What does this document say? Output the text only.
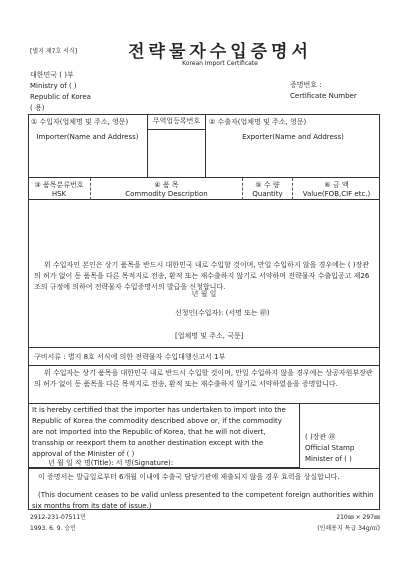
[별지 제7호 서식]	전략물자수입증명서
Korean Import Certificate
대한민국 ( )부
Ministry of ( )
Republic of Korea
( 용)
증명번호 :
Certificate Number
① 수입자(업체명 및 주소, 영문)
Importer(Name and Address)
무역업등록번호	② 수출자(업체명 및 주소, 영문)
Exporter(Name and Address)
③ 품목분류번호
HSK
④ 품 목
Commodity Description
⑤ 수 량
Quantity
⑥ 금 액
Value(FOB,CIF etc.)
위 수입자인 본인은 상기 품목을 반드시 대한민국 내로 수입할 것이며, 만일 수입하지 않을 경우에는 ( )장관의 허가 없이 동 품목을 다른 목적지로 전송, 환적 또는 재수출하지 않기로 서약하며 전략물자 수출입공고 제26조의 규정에 의하여 전략물자 수입증명서의 발급을 신청합니다.
년 월 일
신청인(수입자): (서명 또는 ㊞)
[업체명 및 주소, 국문]
구비서류 : 별지 8호 서식에 의한 전략물자 수입대행신고서 1부
위 수입자는 상기 품목을 대한민국 내로 반드시 수입할 것이며, 만일 수입하지 않을 경우에는 상공자원부장관의 허가 없이 동 품목을 다른 목적지로 전송, 환적 또는 재수출하지 않기로 서약하였음을 증명합니다.
It is hereby certified that the importer has undertaken to import into the Republic of Korea the commodity described above or, if the commodity are not imported into the Republic of Korea, that he will not divert, transship or reexport them to another destination except with the approval of the Minister of ( )
( )장관 ㊞
Official Stamp
Minister of ( )
년 월 일 작 명(Title): 서 명(Signature):
이 증명서는 발급일로부터 6개월 이내에 수출국 담당기관에 제출되지 않을 경우 효력을 상실합니다.
(This document ceases to be valid unless presented to the competent foreign authorities within six months from its date of issue.)
2912-231-07511민
1993. 6. 9. 승인
210㎜ × 297㎜
(인쇄용지 특급 34g/㎡)
